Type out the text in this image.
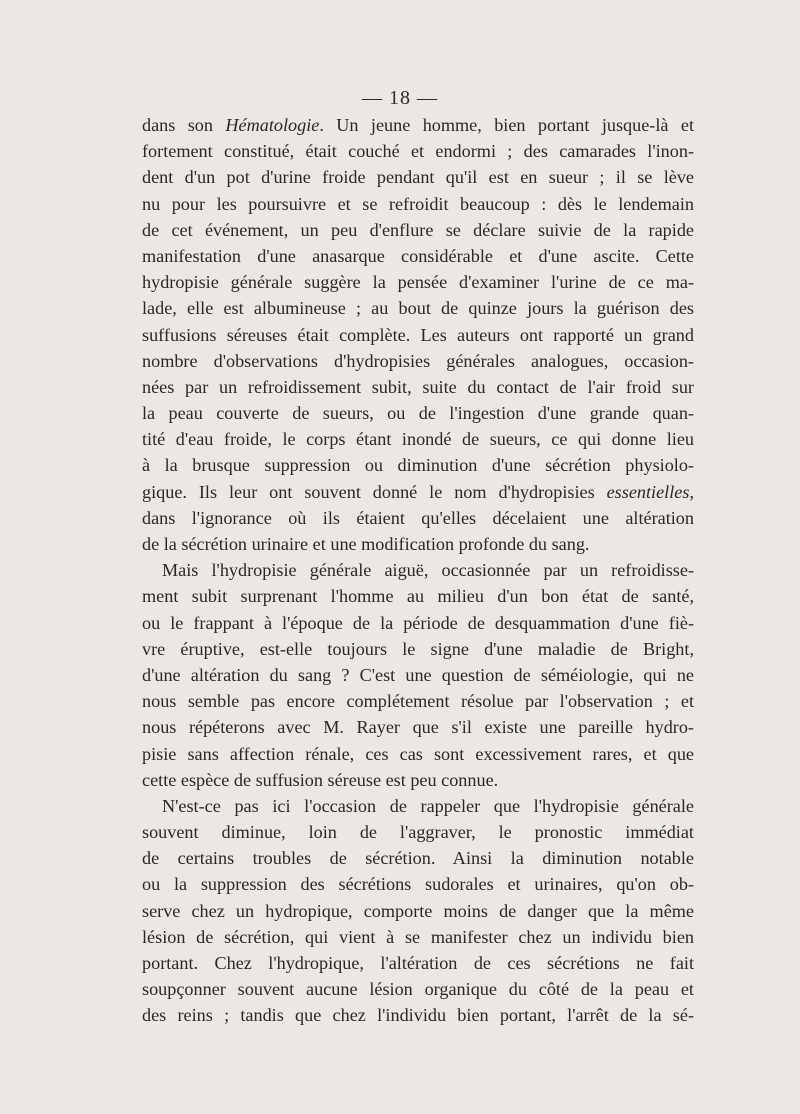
— 18 —
dans son Hématologie. Un jeune homme, bien portant jusque-là et
fortement constitué, était couché et endormi ; des camarades l'inon-
dent d'un pot d'urine froide pendant qu'il est en sueur ; il se lève
nu pour les poursuivre et se refroidit beaucoup : dès le lendemain
de cet événement, un peu d'enflure se déclare suivie de la rapide
manifestation d'une anasarque considérable et d'une ascite. Cette
hydropisie générale suggère la pensée d'examiner l'urine de ce ma-
lade, elle est albumineuse ; au bout de quinze jours la guérison des
suffusions séreuses était complète. Les auteurs ont rapporté un grand
nombre d'observations d'hydropisies générales analogues, occasion-
nées par un refroidissement subit, suite du contact de l'air froid sur
la peau couverte de sueurs, ou de l'ingestion d'une grande quan-
tité d'eau froide, le corps étant inondé de sueurs, ce qui donne lieu
à la brusque suppression ou diminution d'une sécrétion physiolo-
gique. Ils leur ont souvent donné le nom d'hydropisies essentielles,
dans l'ignorance où ils étaient qu'elles décelaient une altération
de la sécrétion urinaire et une modification profonde du sang.
Mais l'hydropisie générale aiguë, occasionnée par un refroidisse-
ment subit surprenant l'homme au milieu d'un bon état de santé,
ou le frappant à l'époque de la période de desquammation d'une fiè-
vre éruptive, est-elle toujours le signe d'une maladie de Bright,
d'une altération du sang ? C'est une question de séméiologie, qui ne
nous semble pas encore complétement résolue par l'observation ; et
nous répéterons avec M. Rayer que s'il existe une pareille hydro-
pisie sans affection rénale, ces cas sont excessivement rares, et que
cette espèce de suffusion séreuse est peu connue.
N'est-ce pas ici l'occasion de rappeler que l'hydropisie générale
souvent diminue, loin de l'aggraver, le pronostic immédiat
de certains troubles de sécrétion. Ainsi la diminution notable
ou la suppression des sécrétions sudorales et urinaires, qu'on ob-
serve chez un hydropique, comporte moins de danger que la même
lésion de sécrétion, qui vient à se manifester chez un individu bien
portant. Chez l'hydropique, l'altération de ces sécrétions ne fait
soupçonner souvent aucune lésion organique du côté de la peau et
des reins ; tandis que chez l'individu bien portant, l'arrêt de la sé-
